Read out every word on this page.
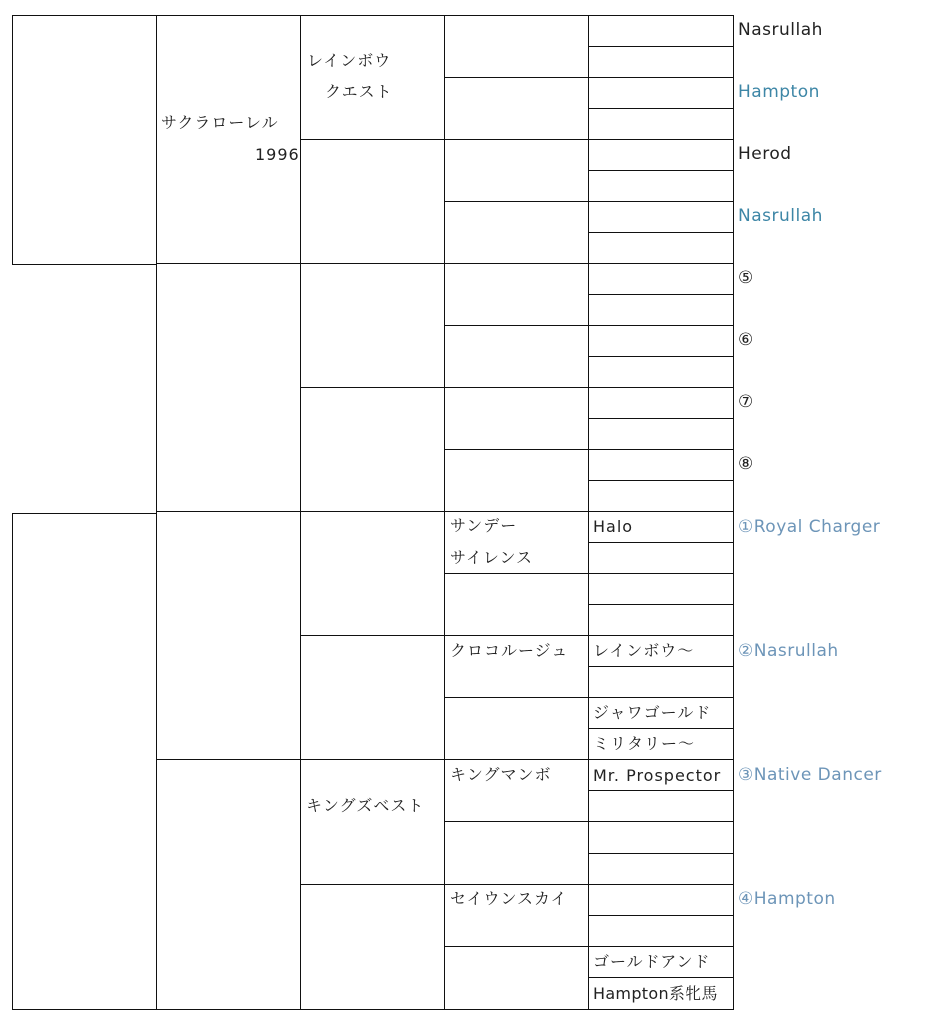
サクラローレル
1996
レインボウ
クエスト
サンデー
サイレンス
Halo
クロコルージュ レインボウ〜
ジャワゴールド
ミリタリー〜
キングズベスト
キングマンボ	Mr. Prospector
セイウンスカイ
ゴールドアンド
Hampton系牝馬
Nasrullah
Hampton
Herod
Nasrullah
⑤
⑥
⑦
⑧
①Royal Charger
②Nasrullah
③Native Dancer
④Hampton
